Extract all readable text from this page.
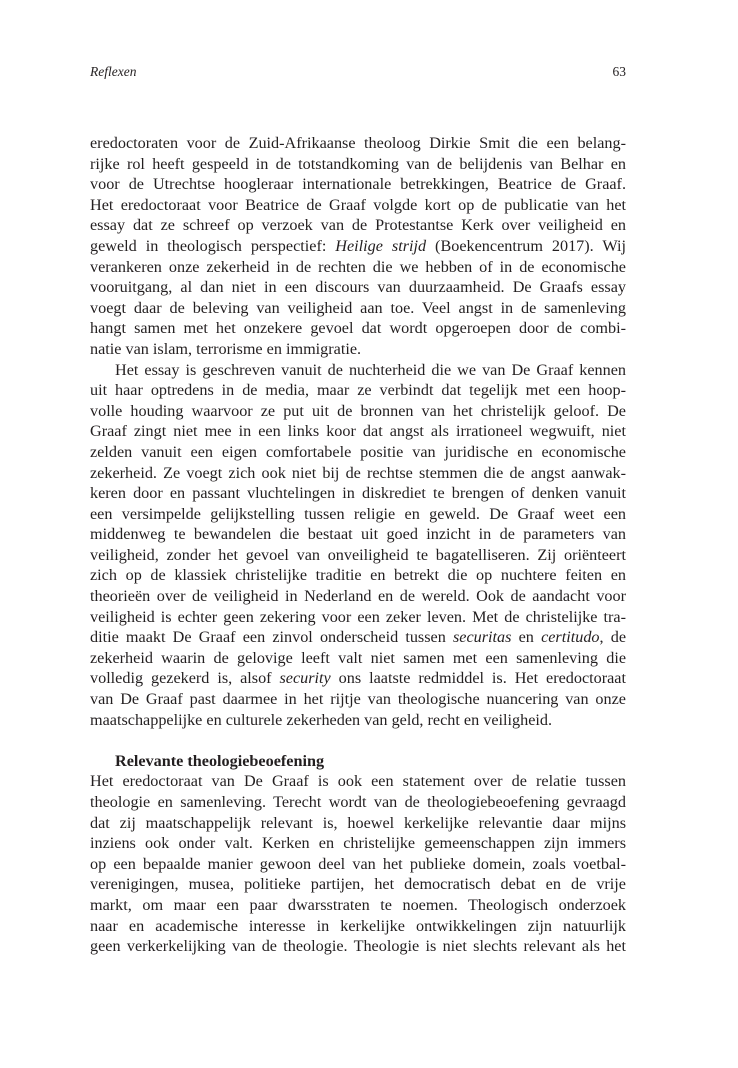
Reflexen	63
eredoctoraten voor de Zuid-Afrikaanse theoloog Dirkie Smit die een belang-
rijke rol heeft gespeeld in de totstandkoming van de belijdenis van Belhar en
voor de Utrechtse hoogleraar internationale betrekkingen, Beatrice de Graaf.
Het eredoctoraat voor Beatrice de Graaf volgde kort op de publicatie van het
essay dat ze schreef op verzoek van de Protestantse Kerk over veiligheid en
geweld in theologisch perspectief: Heilige strijd (Boekencentrum 2017). Wij
verankeren onze zekerheid in de rechten die we hebben of in de economische
vooruitgang, al dan niet in een discours van duurzaamheid. De Graafs essay
voegt daar de beleving van veiligheid aan toe. Veel angst in de samenleving
hangt samen met het onzekere gevoel dat wordt opgeroepen door de combi-
natie van islam, terrorisme en immigratie.
Het essay is geschreven vanuit de nuchterheid die we van De Graaf kennen
uit haar optredens in de media, maar ze verbindt dat tegelijk met een hoop-
volle houding waarvoor ze put uit de bronnen van het christelijk geloof. De
Graaf zingt niet mee in een links koor dat angst als irrationeel wegwuift, niet
zelden vanuit een eigen comfortabele positie van juridische en economische
zekerheid. Ze voegt zich ook niet bij de rechtse stemmen die de angst aanwak-
keren door en passant vluchtelingen in diskrediet te brengen of denken vanuit
een versimpelde gelijkstelling tussen religie en geweld. De Graaf weet een
middenweg te bewandelen die bestaat uit goed inzicht in de parameters van
veiligheid, zonder het gevoel van onveiligheid te bagatelliseren. Zij oriënteert
zich op de klassiek christelijke traditie en betrekt die op nuchtere feiten en
theorieën over de veiligheid in Nederland en de wereld. Ook de aandacht voor
veiligheid is echter geen zekering voor een zeker leven. Met de christelijke tra-
ditie maakt De Graaf een zinvol onderscheid tussen securitas en certitudo, de
zekerheid waarin de gelovige leeft valt niet samen met een samenleving die
volledig gezekerd is, alsof security ons laatste redmiddel is. Het eredoctoraat
van De Graaf past daarmee in het rijtje van theologische nuancering van onze
maatschappelijke en culturele zekerheden van geld, recht en veiligheid.
Relevante theologiebeoefening
Het eredoctoraat van De Graaf is ook een statement over de relatie tussen
theologie en samenleving. Terecht wordt van de theologiebeoefening gevraagd
dat zij maatschappelijk relevant is, hoewel kerkelijke relevantie daar mijns
inziens ook onder valt. Kerken en christelijke gemeenschappen zijn immers
op een bepaalde manier gewoon deel van het publieke domein, zoals voetbal-
verenigingen, musea, politieke partijen, het democratisch debat en de vrije
markt, om maar een paar dwarsstraten te noemen. Theologisch onderzoek
naar en academische interesse in kerkelijke ontwikkelingen zijn natuurlijk
geen verkerkelijking van de theologie. Theologie is niet slechts relevant als het
